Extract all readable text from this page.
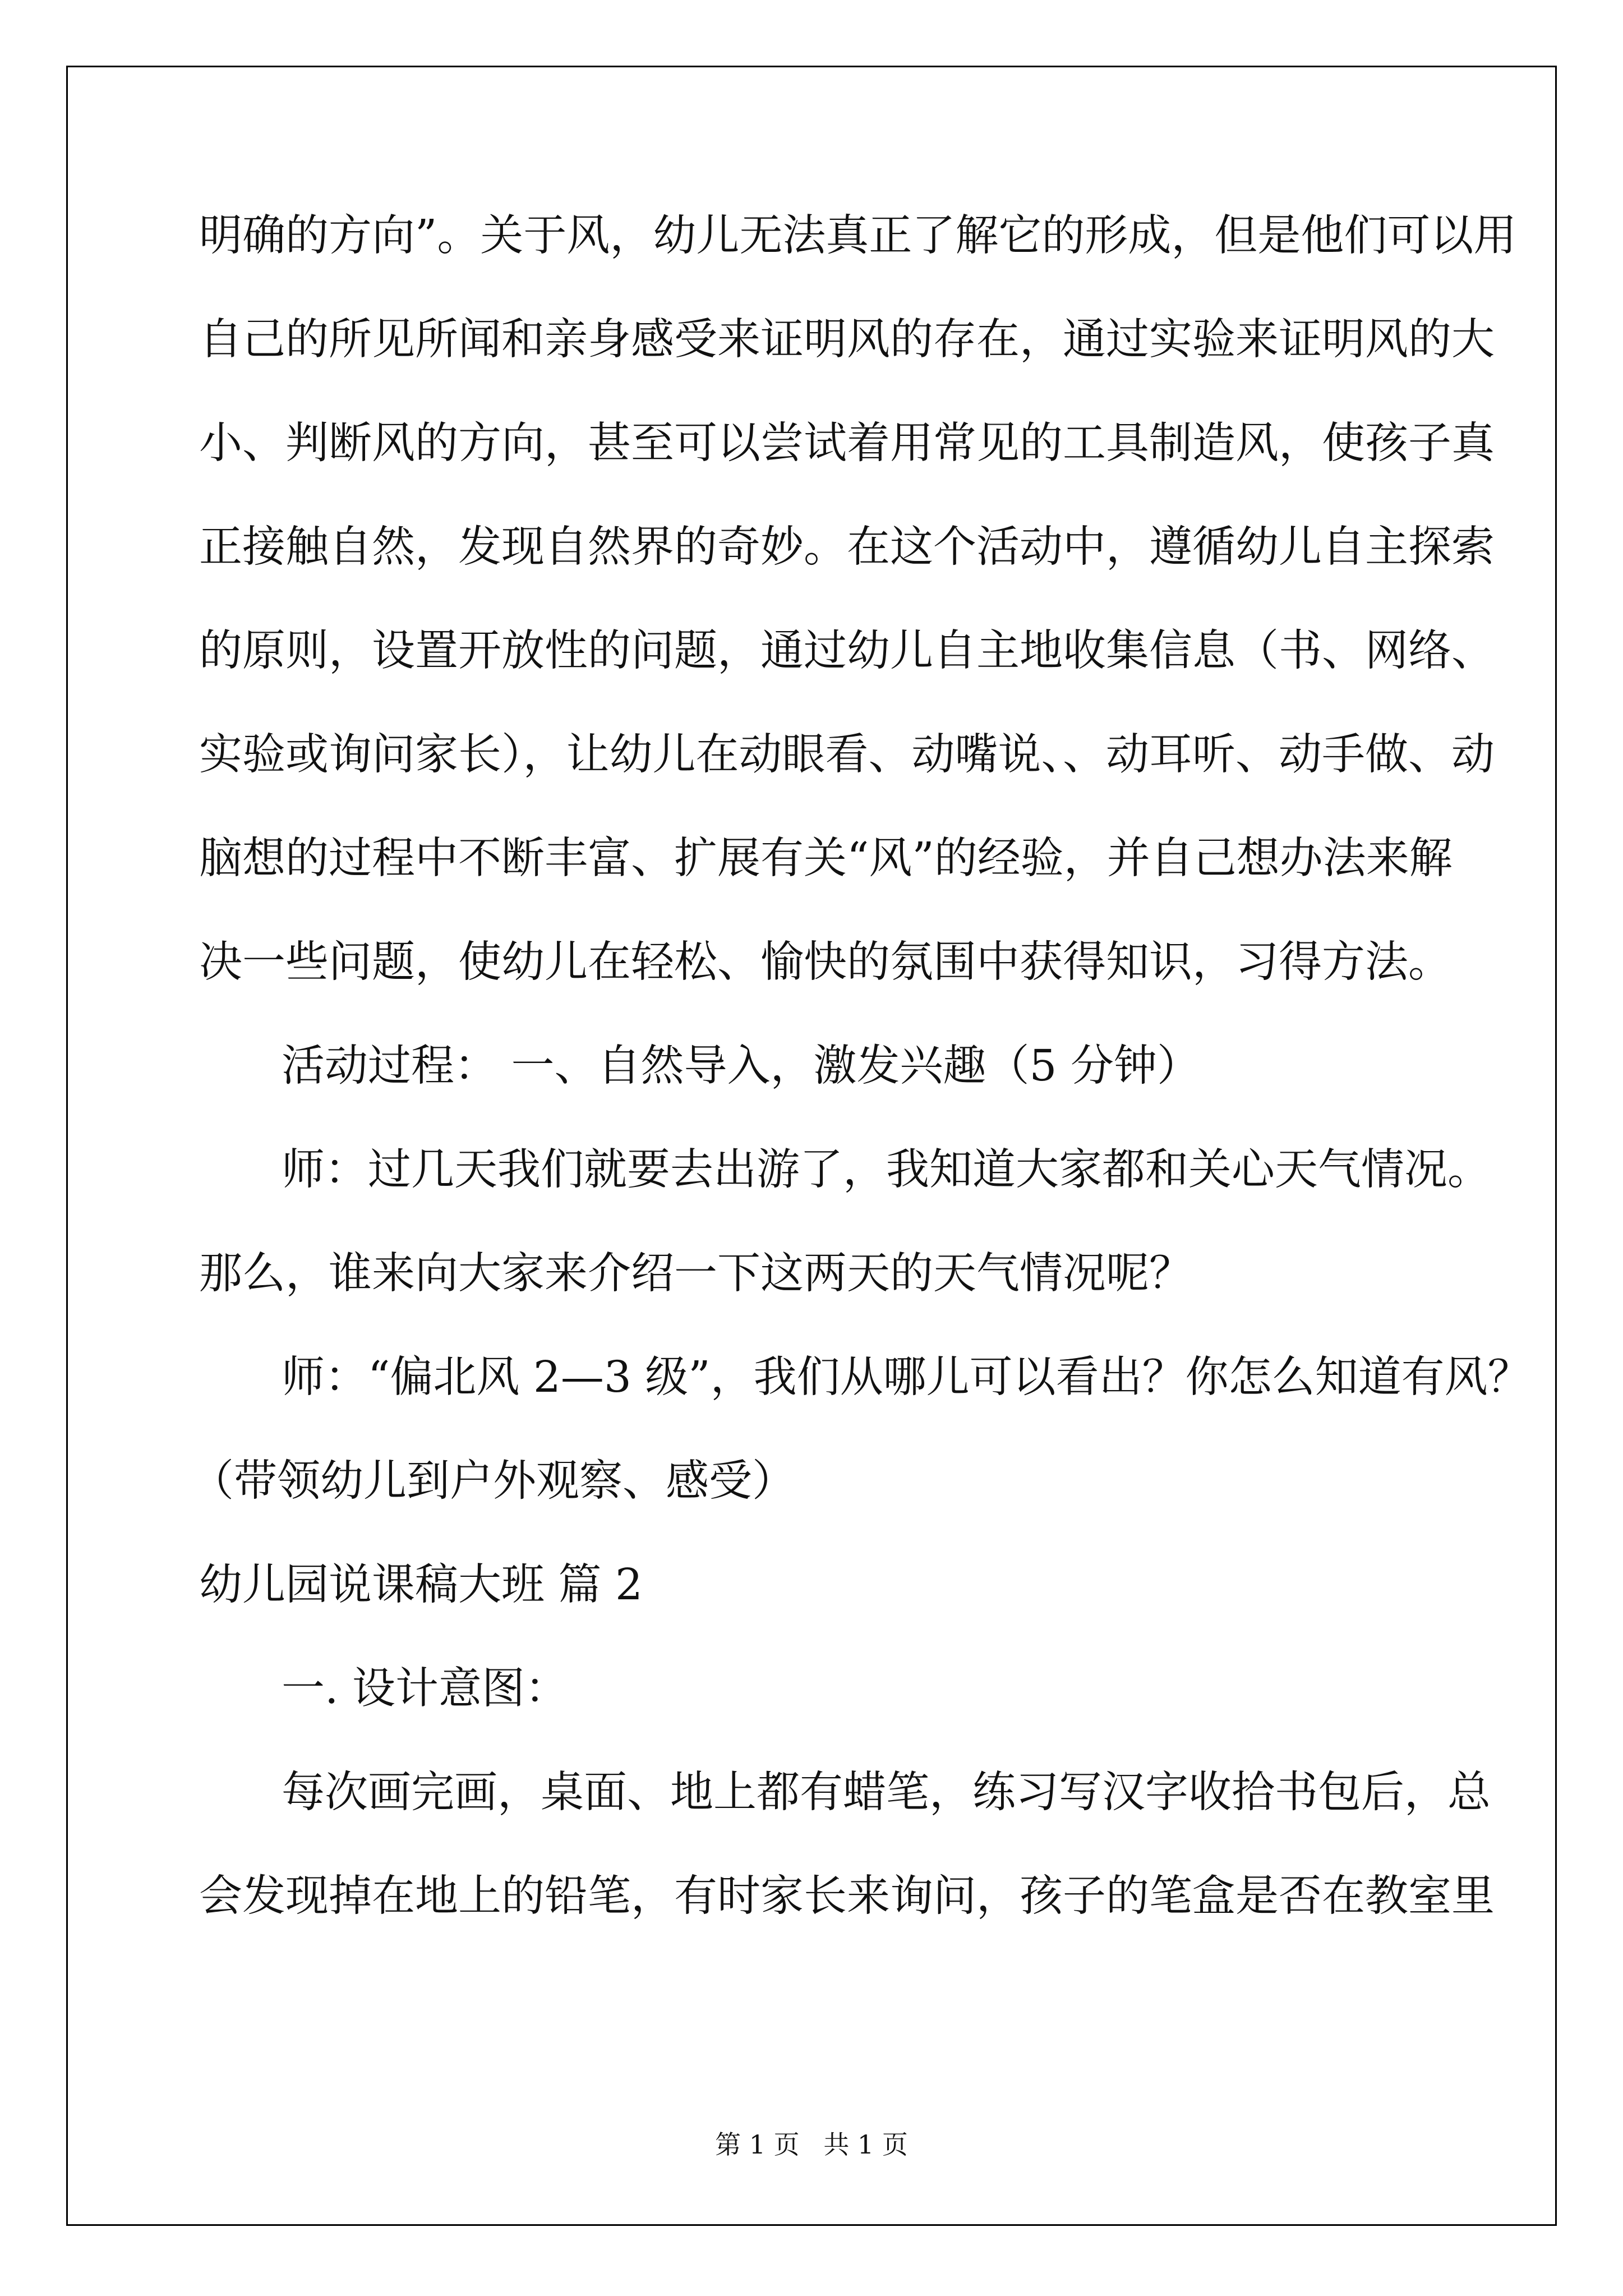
明确的方向”。关于风，幼儿无法真正了解它的形成，但是他们可以用

自己的所见所闻和亲身感受来证明风的存在，通过实验来证明风的大

小、判断风的方向，甚至可以尝试着用常见的工具制造风，使孩子真

正接触自然，发现自然界的奇妙。在这个活动中，遵循幼儿自主探索

的原则，设置开放性的问题，通过幼儿自主地收集信息（书、网络、

实验或询问家长），让幼儿在动眼看、动嘴说、、动耳听、动手做、动

脑想的过程中不断丰富、扩展有关“风”的经验，并自己想办法来解

决一些问题，使幼儿在轻松、愉快的氛围中获得知识，习得方法。

活动过程： 一、自然导入，激发兴趣（5 分钟）

师：过几天我们就要去出游了，我知道大家都和关心天气情况。

那么，谁来向大家来介绍一下这两天的天气情况呢？

师：“偏北风 2—3 级”，我们从哪儿可以看出？你怎么知道有风？

（带领幼儿到户外观察、感受）

幼儿园说课稿大班 篇 2

一. 设计意图：

每次画完画，桌面、地上都有蜡笔，练习写汉字收拾书包后，总

会发现掉在地上的铅笔，有时家长来询问，孩子的笔盒是否在教室里

第 1 页 共 1 页
